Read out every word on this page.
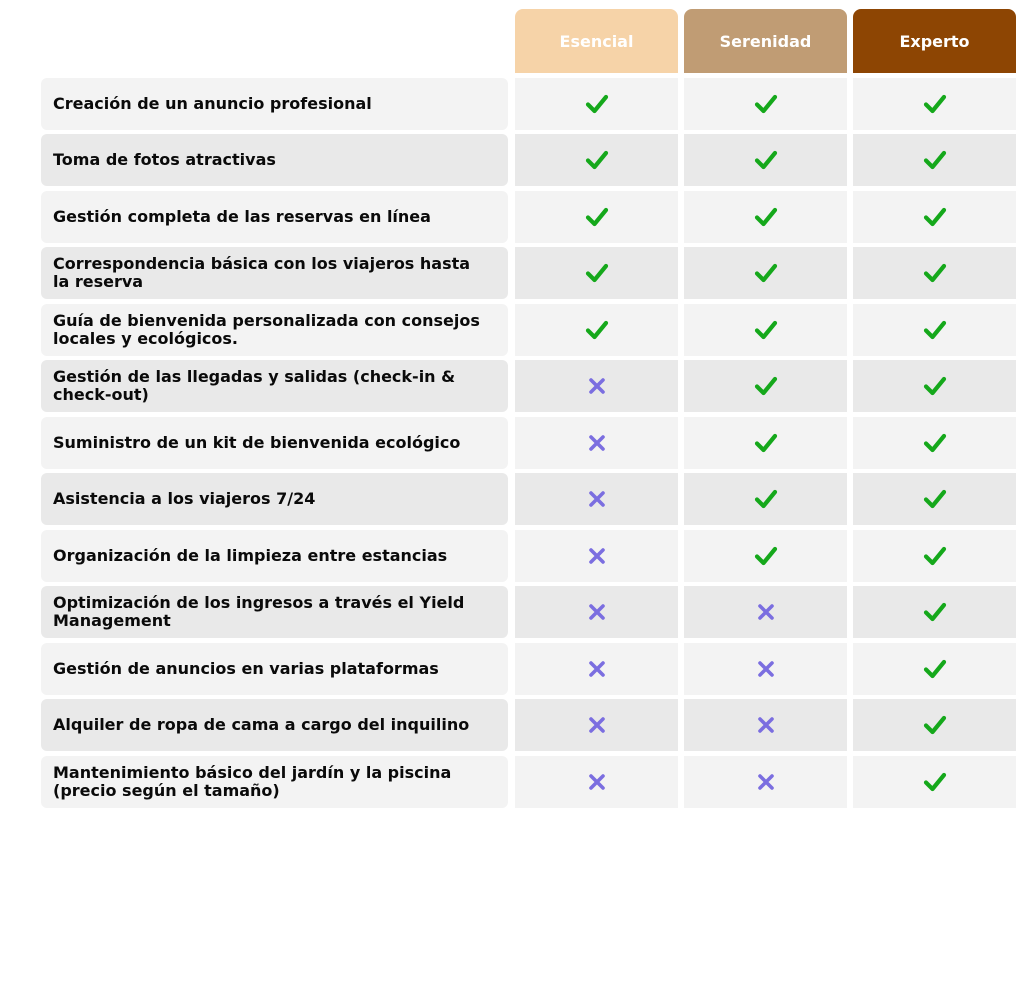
Esencial	Serenidad	Experto
Creación de un anuncio profesional
Toma de fotos atractivas
Gestión completa de las reservas en línea
Correspondencia básica con los viajeros hasta la reserva
Guía de bienvenida personalizada con consejos locales y ecológicos.
Gestión de las llegadas y salidas (check-in & check-out)
Suministro de un kit de bienvenida ecológico
Asistencia a los viajeros 7/24
Organización de la limpieza entre estancias
Optimización de los ingresos a través el Yield Management
Gestión de anuncios en varias plataformas
Alquiler de ropa de cama a cargo del inquilino
Mantenimiento básico del jardín y la piscina (precio según el tamaño)
